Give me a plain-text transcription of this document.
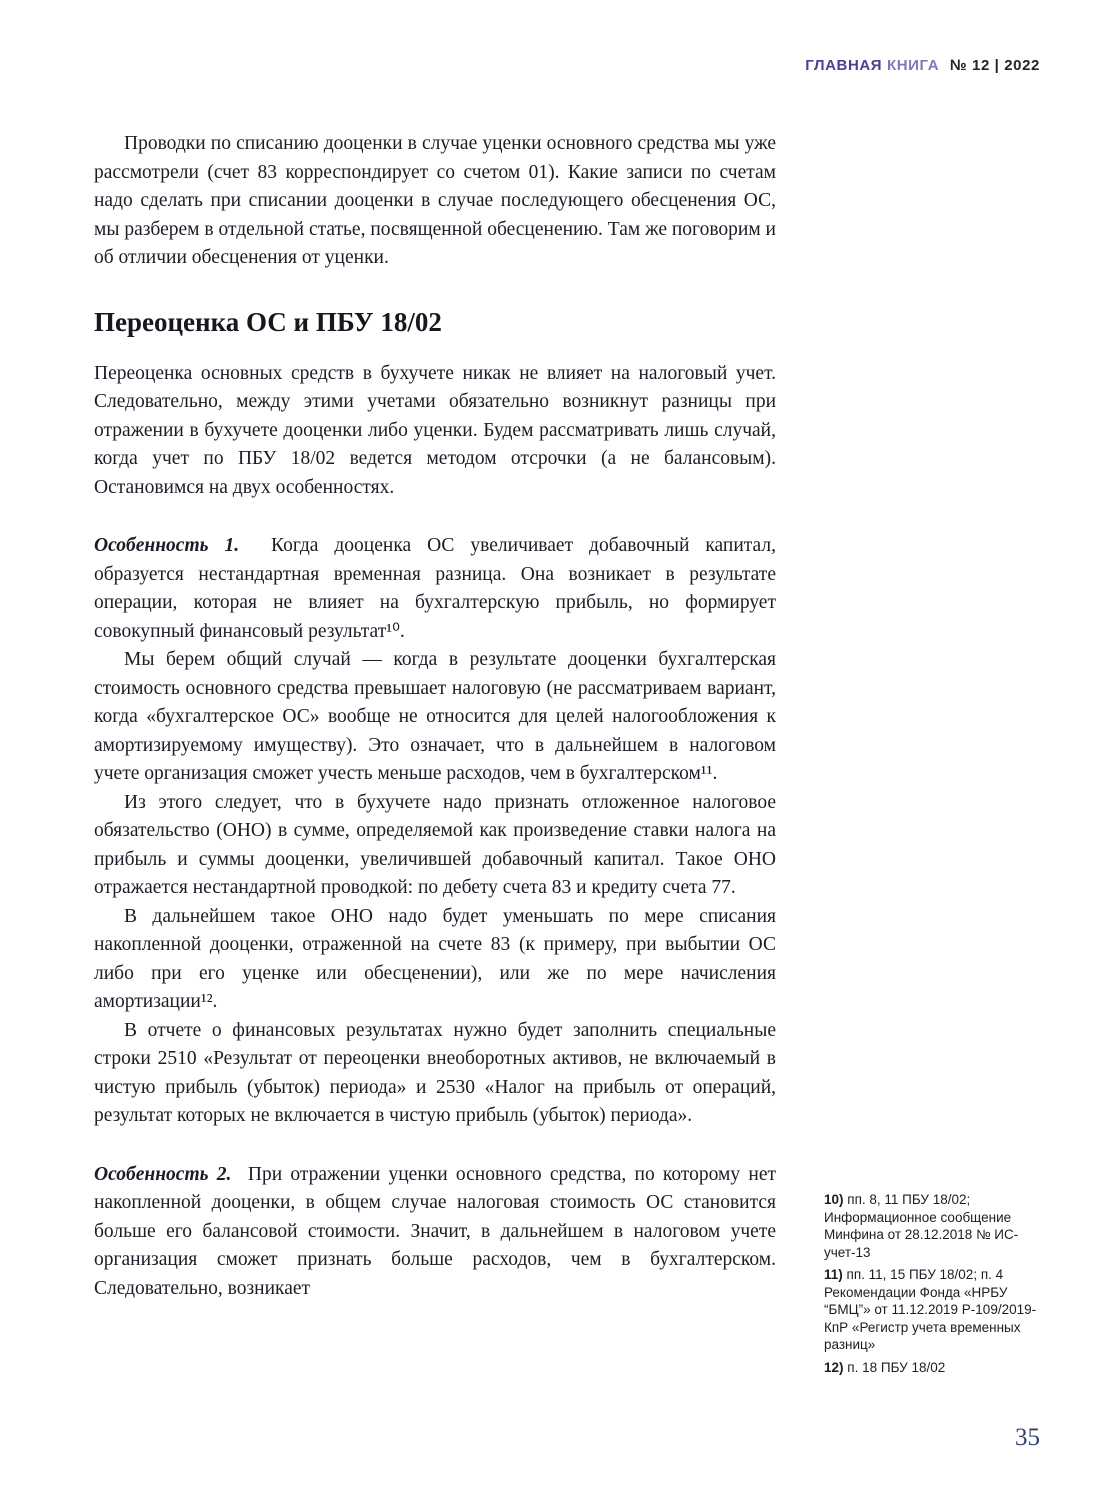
ГЛАВНАЯ КНИГА № 12 | 2022

Проводки по списанию дооценки в случае уценки основного средства мы уже рассмотрели (счет 83 корреспондирует со счетом 01). Какие записи по счетам надо сделать при списании дооценки в случае последующего обесценения ОС, мы разберем в отдельной статье, посвященной обесценению. Там же поговорим и об отличии обесценения от уценки.

Переоценка ОС и ПБУ 18/02

Переоценка основных средств в бухучете никак не влияет на налоговый учет. Следовательно, между этими учетами обязательно возникнут разницы при отражении в бухучете дооценки либо уценки. Будем рассматривать лишь случай, когда учет по ПБУ 18/02 ведется методом отсрочки (а не балансовым). Остановимся на двух особенностях.

Особенность 1. Когда дооценка ОС увеличивает добавочный капитал, образуется нестандартная временная разница. Она возникает в результате операции, которая не влияет на бухгалтерскую прибыль, но формирует совокупный финансовый результат¹⁰.

Мы берем общий случай — когда в результате дооценки бухгалтерская стоимость основного средства превышает налоговую (не рассматриваем вариант, когда «бухгалтерское ОС» вообще не относится для целей налогообложения к амортизируемому имуществу). Это означает, что в дальнейшем в налоговом учете организация сможет учесть меньше расходов, чем в бухгалтерском¹¹.

Из этого следует, что в бухучете надо признать отложенное налоговое обязательство (ОНО) в сумме, определяемой как произведение ставки налога на прибыль и суммы дооценки, увеличившей добавочный капитал. Такое ОНО отражается нестандартной проводкой: по дебету счета 83 и кредиту счета 77.

В дальнейшем такое ОНО надо будет уменьшать по мере списания накопленной дооценки, отраженной на счете 83 (к примеру, при выбытии ОС либо при его уценке или обесценении), или же по мере начисления амортизации¹².

В отчете о финансовых результатах нужно будет заполнить специальные строки 2510 «Результат от переоценки внеоборотных активов, не включаемый в чистую прибыль (убыток) периода» и 2530 «Налог на прибыль от операций, результат которых не включается в чистую прибыль (убыток) периода».

Особенность 2. При отражении уценки основного средства, по которому нет накопленной дооценки, в общем случае налоговая стоимость ОС становится больше его балансовой стоимости. Значит, в дальнейшем в налоговом учете организация сможет признать больше расходов, чем в бухгалтерском. Следовательно, возникает

10) пп. 8, 11 ПБУ 18/02; Информационное сообщение Минфина от 28.12.2018 № ИС-учет-13
11) пп. 11, 15 ПБУ 18/02; п. 4 Рекомендации Фонда «НРБУ “БМЦ”» от 11.12.2019 Р-109/2019-КпР «Регистр учета временных разниц»
12) п. 18 ПБУ 18/02
35
